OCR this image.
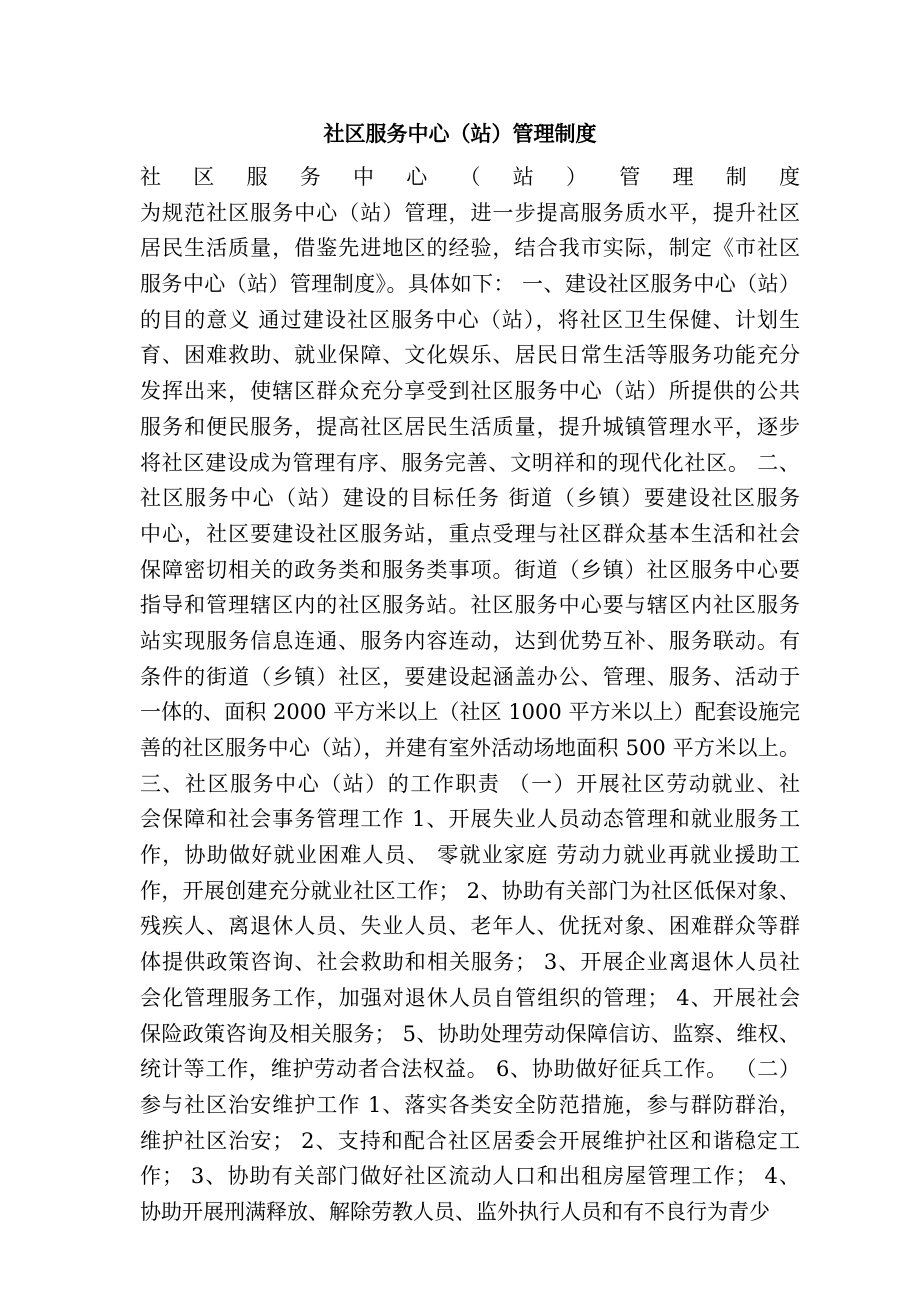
社区服务中心（站）管理制度
社区服务中心（站）管理制度
为规范社区服务中心（站）管理，进一步提高服务质水平，提升社区
居民生活质量，借鉴先进地区的经验，结合我市实际，制定《市社区
服务中心（站）管理制度》。具体如下： 一、建设社区服务中心（站）
的目的意义 通过建设社区服务中心（站），将社区卫生保健、计划生
育、困难救助、就业保障、文化娱乐、居民日常生活等服务功能充分
发挥出来，使辖区群众充分享受到社区服务中心（站）所提供的公共
服务和便民服务，提高社区居民生活质量，提升城镇管理水平，逐步
将社区建设成为管理有序、服务完善、文明祥和的现代化社区。 二、
社区服务中心（站）建设的目标任务 街道（乡镇）要建设社区服务
中心，社区要建设社区服务站，重点受理与社区群众基本生活和社会
保障密切相关的政务类和服务类事项。街道（乡镇）社区服务中心要
指导和管理辖区内的社区服务站。社区服务中心要与辖区内社区服务
站实现服务信息连通、服务内容连动，达到优势互补、服务联动。有
条件的街道（乡镇）社区，要建设起涵盖办公、管理、服务、活动于
一体的、面积 2000 平方米以上（社区 1000 平方米以上）配套设施完
善的社区服务中心（站），并建有室外活动场地面积 500 平方米以上。
三、社区服务中心（站）的工作职责 （一）开展社区劳动就业、社
会保障和社会事务管理工作 1、开展失业人员动态管理和就业服务工
作，协助做好就业困难人员、 零就业家庭 劳动力就业再就业援助工
作，开展创建充分就业社区工作； 2、协助有关部门为社区低保对象、
残疾人、离退休人员、失业人员、老年人、优抚对象、困难群众等群
体提供政策咨询、社会救助和相关服务； 3、开展企业离退休人员社
会化管理服务工作，加强对退休人员自管组织的管理； 4、开展社会
保险政策咨询及相关服务； 5、协助处理劳动保障信访、监察、维权、
统计等工作，维护劳动者合法权益。 6、协助做好征兵工作。 （二）
参与社区治安维护工作 1、落实各类安全防范措施，参与群防群治，
维护社区治安； 2、支持和配合社区居委会开展维护社区和谐稳定工
作； 3、协助有关部门做好社区流动人口和出租房屋管理工作； 4、
协助开展刑满释放、解除劳教人员、监外执行人员和有不良行为青少
